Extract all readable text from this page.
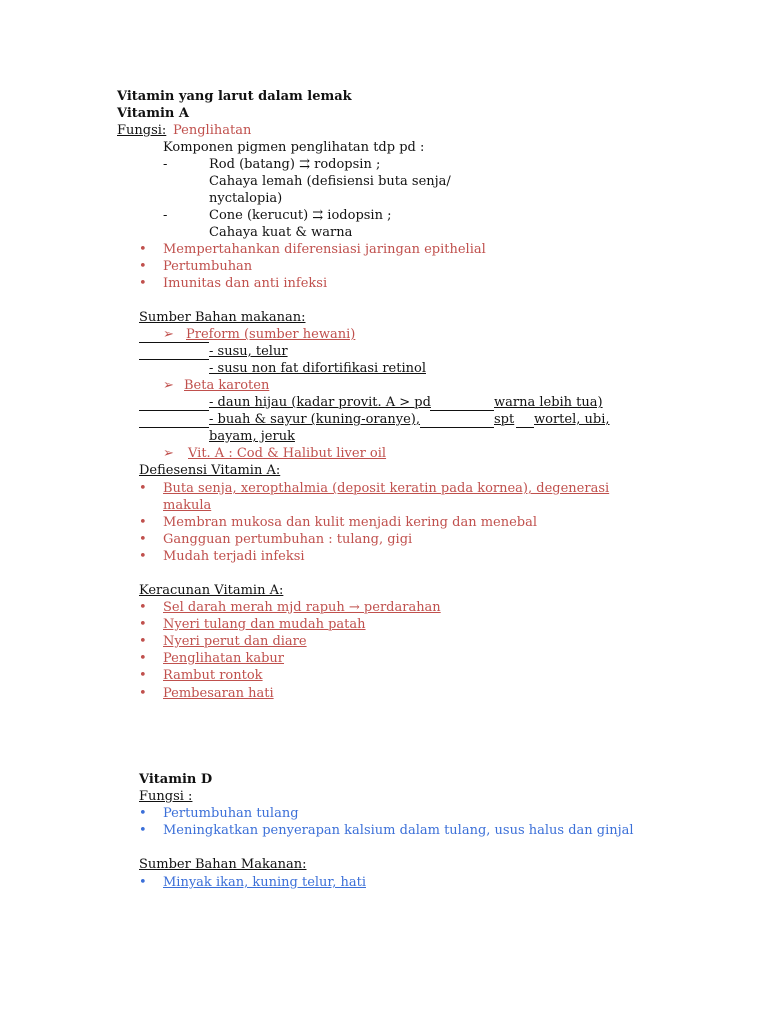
Vitamin yang larut dalam lemak
Vitamin A
Fungsi: Penglihatan
Komponen pigmen penglihatan tdp pd :
-	Rod (batang) ⇉ rodopsin ;
Cahaya lemah (defisiensi buta senja/
nyctalopia)
-	Cone (kerucut) ⇉ iodopsin ;
Cahaya kuat & warna
• Mempertahankan diferensiasi jaringan epithelial
• Pertumbuhan
• Imunitas dan anti infeksi
Sumber Bahan makanan:
➢ Preform (sumber hewani)
- susu, telur
- susu non fat difortifikasi retinol
➢ Beta karoten
- daun hijau (kadar provit. A > pd	warna lebih tua)
- buah & sayur (kuning-oranye),	spt wortel, ubi,
bayam, jeruk
➢ Vit. A : Cod & Halibut liver oil
Defiesensi Vitamin A:
• Buta senja, xeropthalmia (deposit keratin pada kornea), degenerasi
makula
• Membran mukosa dan kulit menjadi kering dan menebal
• Gangguan pertumbuhan : tulang, gigi
• Mudah terjadi infeksi
Keracunan Vitamin A:
• Sel darah merah mjd rapuh → perdarahan
• Nyeri tulang dan mudah patah
• Nyeri perut dan diare
• Penglihatan kabur
• Rambut rontok
• Pembesaran hati
Vitamin D
Fungsi :
• Pertumbuhan tulang
• Meningkatkan penyerapan kalsium dalam tulang, usus halus dan ginjal
Sumber Bahan Makanan:
• Minyak ikan, kuning telur, hati
